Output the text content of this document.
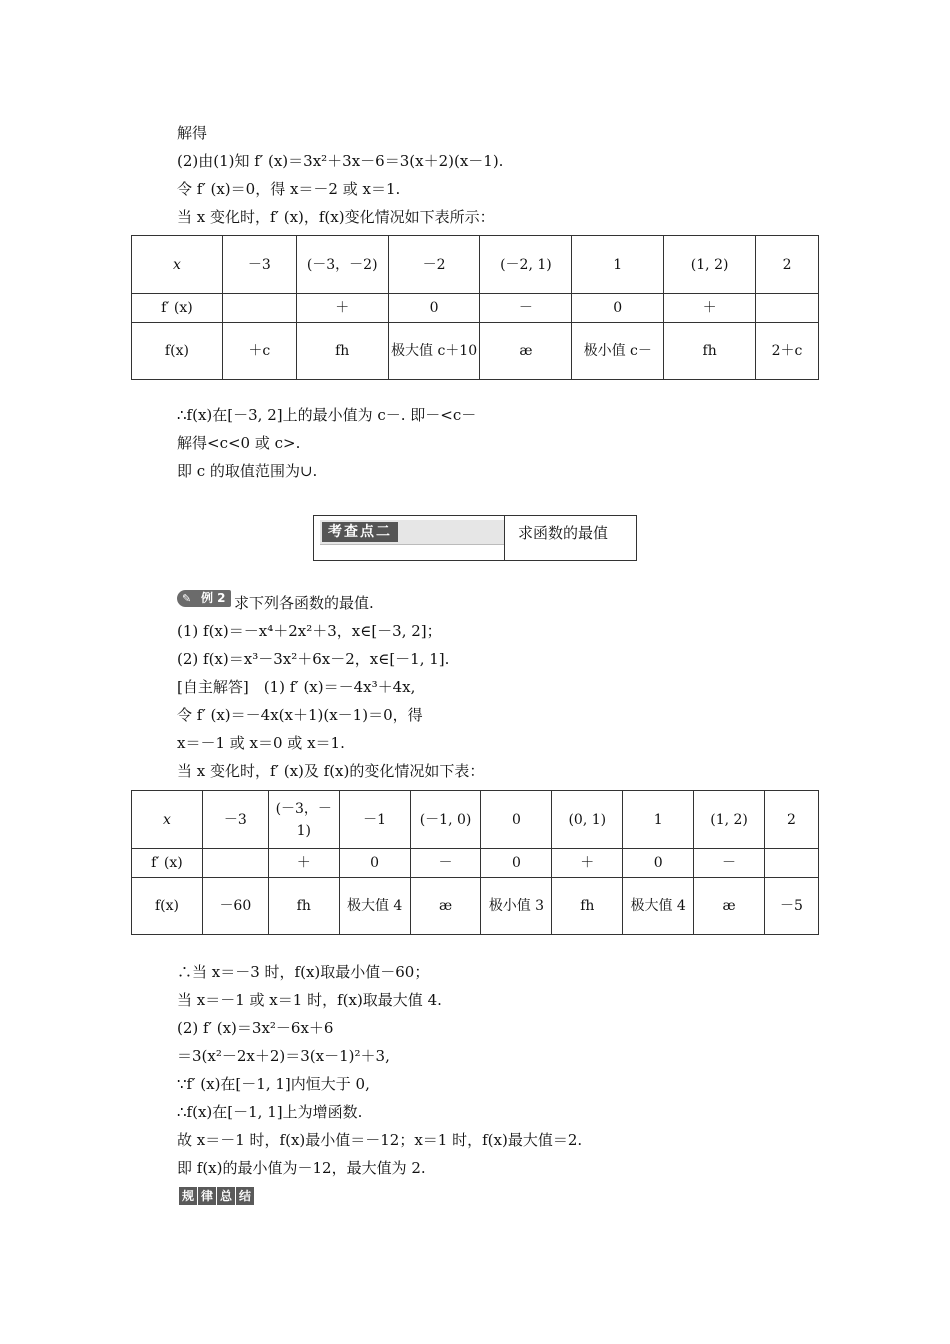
解得
(2)由(1)知 f′ (x)＝3x²＋3x－6＝3(x＋2)(x－1).
令 f′ (x)＝0，得 x＝－2 或 x＝1.
当 x 变化时，f′ (x)，f(x)变化情况如下表所示：
x	－3	(－3，－2)	－2	(－2, 1)	1	(1, 2)	2
f′ (x)		＋	0	－	0	＋	
f(x)	＋c	fh	极大值 c＋10	æ	极小值 c－	fh	2＋c
∴f(x)在[－3, 2]上的最小值为 c－. 即－<c－
解得<c<0 或 c>.
即 c 的取值范围为∪.
考查点二	求函数的最值
✎ 例 2 求下列各函数的最值.
(1) f(x)＝－x⁴＋2x²＋3，x∈[－3, 2]；
(2) f(x)＝x³－3x²＋6x－2，x∈[－1, 1].
[自主解答]　(1) f′ (x)＝－4x³＋4x,
令 f′ (x)＝－4x(x＋1)(x－1)＝0，得
x＝－1 或 x＝0 或 x＝1.
当 x 变化时，f′ (x)及 f(x)的变化情况如下表：
x	－3	(－3，－1)	－1	(－1, 0)	0	(0, 1)	1	(1, 2)	2
f′ (x)		＋	0	－	0	＋	0	－	
f(x)	－60	fh	极大值 4	æ	极小值 3	fh	极大值 4	æ	－5
∴当 x＝－3 时，f(x)取最小值－60；
当 x＝－1 或 x＝1 时，f(x)取最大值 4.
(2) f′ (x)＝3x²－6x＋6
＝3(x²－2x＋2)＝3(x－1)²＋3,
∵f′ (x)在[－1, 1]内恒大于 0,
∴f(x)在[－1, 1]上为增函数.
故 x＝－1 时，f(x)最小值＝－12；x＝1 时，f(x)最大值＝2.
即 f(x)的最小值为－12，最大值为 2.
规 律 总 结
